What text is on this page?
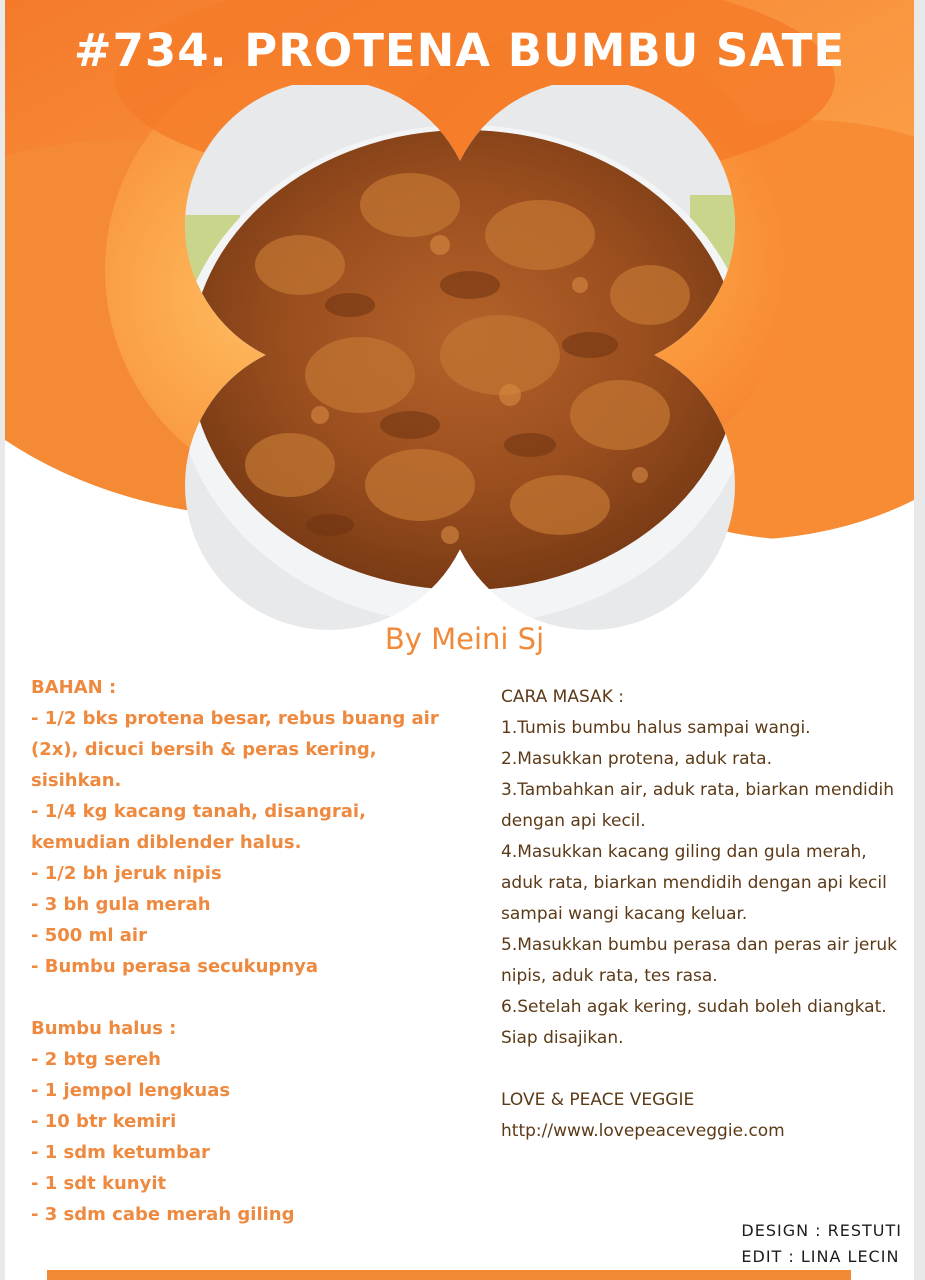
#734. PROTENA BUMBU SATE
By Meini Sj
BAHAN :
- 1/2 bks protena besar, rebus buang air
(2x), dicuci bersih & peras kering,
sisihkan.
- 1/4 kg kacang tanah, disangrai,
kemudian diblender halus.
- 1/2 bh jeruk nipis
- 3 bh gula merah
- 500 ml air
- Bumbu perasa secukupnya
Bumbu halus :
- 2 btg sereh
- 1 jempol lengkuas
- 10 btr kemiri
- 1 sdm ketumbar
- 1 sdt kunyit
- 3 sdm cabe merah giling
CARA MASAK :
1.Tumis bumbu halus sampai wangi.
2.Masukkan protena, aduk rata.
3.Tambahkan air, aduk rata, biarkan mendidih
dengan api kecil.
4.Masukkan kacang giling dan gula merah,
aduk rata, biarkan mendidih dengan api kecil
sampai wangi kacang keluar.
5.Masukkan bumbu perasa dan peras air jeruk
nipis, aduk rata, tes rasa.
6.Setelah agak kering, sudah boleh diangkat.
Siap disajikan.
LOVE & PEACE VEGGIE
http://www.lovepeaceveggie.com
DESIGN : RESTUTI
EDIT : LINA LECIN
